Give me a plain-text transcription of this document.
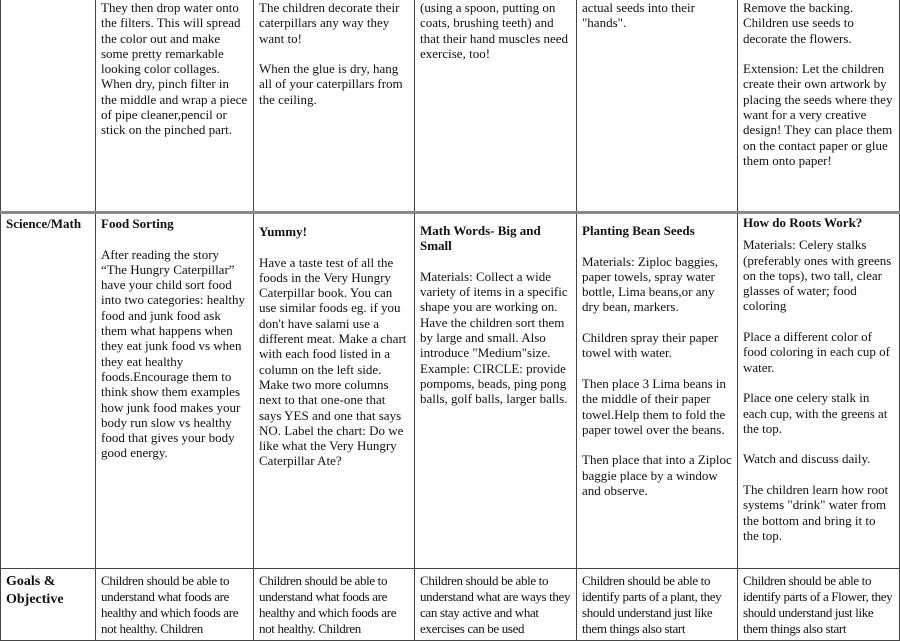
They then drop water onto the filters. This will spread the color out and make some pretty remarkable looking color collages. When dry, pinch filter in the middle and wrap a piece of pipe cleaner,pencil or stick on the pinched part.

The children decorate their caterpillars any way they want to!

When the glue is dry, hang all of your caterpillars from the ceiling.

(using a spoon, putting on coats, brushing teeth) and that their hand muscles need exercise, too!

actual seeds into their "hands".

Remove the backing. Children use seeds to decorate the flowers.

Extension: Let the children create their own artwork by placing the seeds where they want for a very creative design! They can place them on the contact paper or glue them onto paper!

Science/Math	Food Sorting

After reading the story “The Hungry Caterpillar” have your child sort food into two categories: healthy food and junk food ask them what happens when they eat junk food vs when they eat healthy foods.Encourage them to think show them examples how junk food makes your body run slow vs healthy food that gives your body good energy.

Yummy!

Have a taste test of all the foods in the Very Hungry Caterpillar book. You can use similar foods eg. if you don't have salami use a different meat. Make a chart with each food listed in a column on the left side. Make two more columns next to that one-one that says YES and one that says NO. Label the chart: Do we like what the Very Hungry Caterpillar Ate?

Math Words- Big and Small

Materials: Collect a wide variety of items in a specific shape you are working on. Have the children sort them by large and small. Also introduce "Medium"size.

Example: CIRCLE: provide pompoms, beads, ping pong balls, golf balls, larger balls.

Planting Bean Seeds

Materials: Ziploc baggies, paper towels, spray water bottle, Lima beans,or any dry bean, markers.

Children spray their paper towel with water.

Then place 3 Lima beans in the middle of their paper towel.Help them to fold the paper towel over the beans.

Then place that into a Ziploc baggie place by a window and observe.

How do Roots Work?

Materials: Celery stalks (preferably ones with greens on the tops), two tall, clear glasses of water; food coloring

Place a different color of food coloring in each cup of water.

Place one celery stalk in each cup, with the greens at the top.

Watch and discuss daily.

The children learn how root systems "drink" water from the bottom and bring it to the top.

Goals & Objective

Children should be able to understand what foods are healthy and which foods are not healthy. Children

Children should be able to understand what foods are healthy and which foods are not healthy. Children

Children should be able to understand what are ways they can stay active and what exercises can be used

Children should be able to identify parts of a plant, they should understand just like them things also start

Children should be able to identify parts of a Flower, they should understand just like them things also start
